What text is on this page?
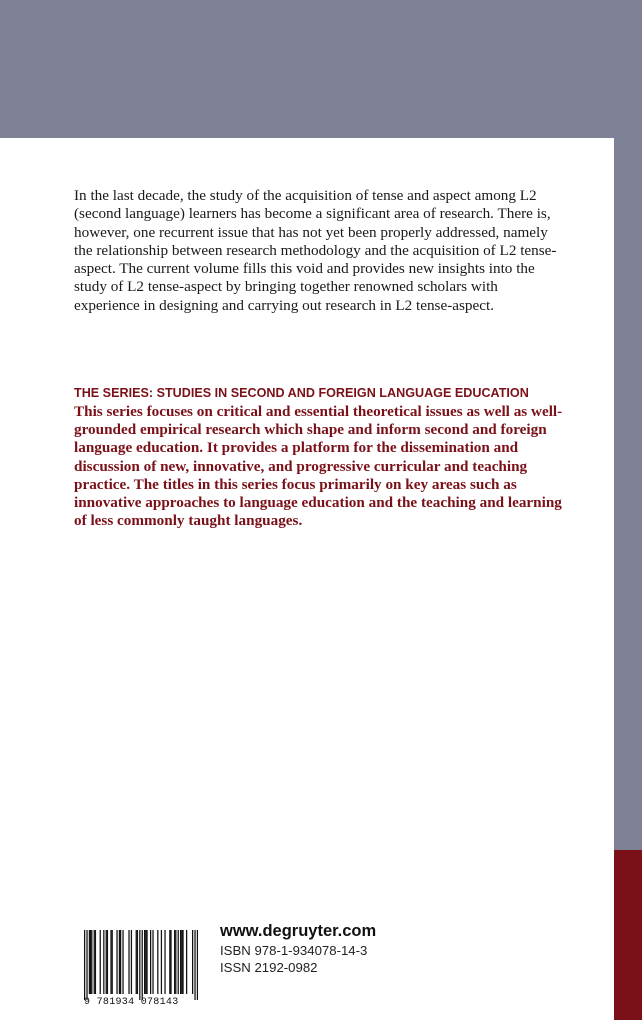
In the last decade, the study of the acquisition of tense and aspect among L2 (second language) learners has become a significant area of research. There is, however, one recurrent issue that has not yet been properly addressed, namely the relationship between research methodology and the acquisition of L2 tense-aspect. The current volume fills this void and provides new insights into the study of L2 tense-aspect by bringing together renowned scholars with experience in designing and carrying out research in L2 tense-aspect.

THE SERIES: STUDIES IN SECOND AND FOREIGN LANGUAGE EDUCATION

This series focuses on critical and essential theoretical issues as well as well-grounded empirical research which shape and inform second and foreign language education. It provides a platform for the dissemination and discussion of new, innovative, and progressive curricular and teaching practice. The titles in this series focus primarily on key areas such as innovative approaches to language education and the teaching and learning of less commonly taught languages.

9 781934 078143

www.degruyter.com

ISBN 978-1-934078-14-3

ISSN 2192-0982
